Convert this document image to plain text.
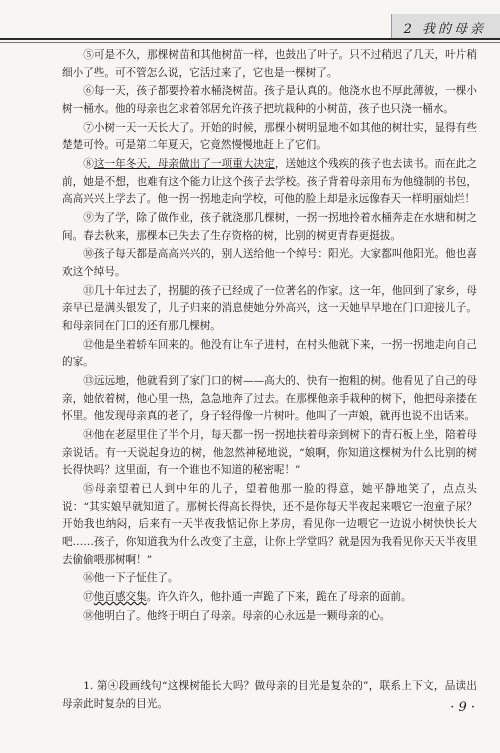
2 我的母亲

⑤可是不久，那棵树苗和其他树苗一样，也鼓出了叶子。只不过稍迟了几天，叶片稍细小了些。可不管怎么说，它活过来了，它也是一棵树了。

⑥每一天，孩子都要拎着水桶浇树苗。孩子是认真的。他浇水也不厚此薄彼，一棵小树一桶水。他的母亲也乞求着邻居允许孩子把坑栽种的小树苗，孩子也只浇一桶水。

⑦小树一天一天长大了。开始的时候，那棵小树明显地不如其他的树壮实，显得有些楚楚可怜。可是第二年夏天，它竟然慢慢地赶上了它们。

⑧这一年冬天，母亲做出了一项重大决定，送她这个残疾的孩子也去读书。而在此之前，她是不想，也难有这个能力让这个孩子去学校。孩子背着母亲用布为他缝制的书包，高高兴兴上学去了。他一拐一拐地走向学校，可他的脸上却是永远像春天一样明丽灿烂！

⑨为了学，除了做作业，孩子就浇那几棵树，一拐一拐地拎着水桶奔走在水塘和树之间。春去秋来，那棵本已失去了生存资格的树，比别的树更青春更挺拔。

⑩孩子每天都是高高兴兴的，别人送给他一个绰号：阳光。大家都叫他阳光。他也喜欢这个绰号。

⑪几十年过去了，拐腿的孩子已经成了一位著名的作家。这一年，他回到了家乡，母亲早已是满头银发了，儿子归来的消息使她分外高兴，这一天她早早地在门口迎接儿子。和母亲同在门口的还有那几棵树。

⑫他是坐着轿车回来的。他没有让车子进村，在村头他就下来，一拐一拐地走向自己的家。

⑬远远地，他就看到了家门口的树——高大的、快有一抱粗的树。他看见了自己的母亲，她依着树，他心里一热，急急地奔了过去。在那棵他亲手栽种的树下，他把母亲搂在怀里。他发现母亲真的老了，身子轻得像一片树叶。他叫了一声娘，就再也说不出话来。

⑭他在老屋里住了半个月，每天都一拐一拐地扶着母亲到树下的青石板上坐，陪着母亲说话。有一天说起身边的树，他忽然神秘地说，“娘啊，你知道这棵树为什么比别的树长得快吗？这里面，有一个谁也不知道的秘密呢！”

⑮母亲望着已人到中年的儿子，望着他那一脸的得意，她平静地笑了，点点头说：“其实娘早就知道了。那树长得高长得快，还不是你每天半夜起来喂它一泡童子尿？开始我也纳闷，后来有一天半夜我惦记你上茅房，看见你一边喂它一边说小树快快长大吧……孩子，你知道我为什么改变了主意，让你上学堂吗？就是因为我看见你天天半夜里去偷偷喂那树啊！”

⑯他一下子怔住了。

⑰他百感交集。许久许久，他扑通一声跪了下来，跪在了母亲的面前。

⑱他明白了。他终于明白了母亲。母亲的心永远是一颗母亲的心。

1. 第④段画线句“这棵树能长大吗？做母亲的目光是复杂的”，联系上下文，品读出母亲此时复杂的目光。	· 9 ·
